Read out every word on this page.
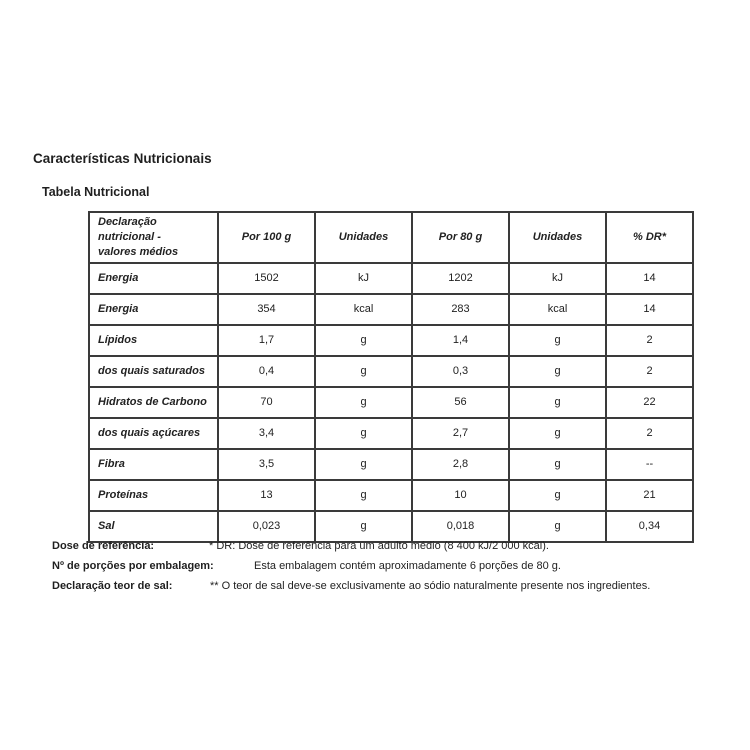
Características Nutricionais
Tabela Nutricional
Declaração nutricional -
valores médios	Por 100 g	Unidades	Por 80 g	Unidades	% DR*
Energia	1502	kJ	1202	kJ	14
Energia	354	kcal	283	kcal	14
Lípidos	1,7	g	1,4	g	2
dos quais saturados	0,4	g	0,3	g	2
Hidratos de Carbono	70	g	56	g	22
dos quais açúcares	3,4	g	2,7	g	2
Fibra	3,5	g	2,8	g	--
Proteínas	13	g	10	g	21
Sal	0,023	g	0,018	g	0,34
Dose de referência:	* DR: Dose de referência para um adulto médio (8 400 kJ/2 000 kcal).
Nº de porções por embalagem:	Esta embalagem contém aproximadamente 6 porções de 80 g.
Declaração teor de sal:	** O teor de sal deve-se exclusivamente ao sódio naturalmente presente nos ingredientes.
